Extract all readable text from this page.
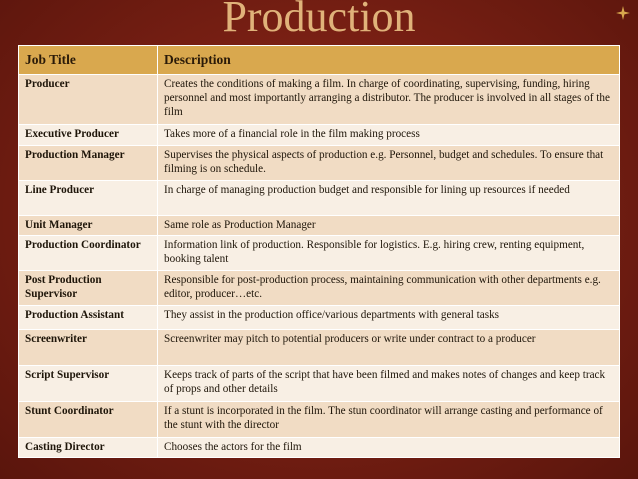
Production
Job Title	Description
Producer	Creates the conditions of making a film. In charge of coordinating, supervising, funding, hiring personnel and most importantly arranging a distributor. The producer is involved in all stages of the film
Executive Producer	Takes more of a financial role in the film making process
Production Manager	Supervises the physical aspects of production e.g. Personnel, budget and schedules. To ensure that filming is on schedule.
Line Producer	In charge of managing production budget and responsible for lining up resources if needed
Unit Manager	Same role as Production Manager
Production Coordinator	Information link of production. Responsible for logistics. E.g. hiring crew, renting equipment, booking talent
Post Production Supervisor	Responsible for post-production process, maintaining communication with other departments e.g. editor, producer…etc.
Production Assistant	They assist in the production office/various departments with general tasks
Screenwriter	Screenwriter may pitch to potential producers or write under contract to a producer
Script Supervisor	Keeps track of parts of the script that have been filmed and makes notes of changes and keep track of props and other details
Stunt Coordinator	If a stunt is incorporated in the film. The stun coordinator will arrange casting and performance of the stunt with the director
Casting Director	Chooses the actors for the film
